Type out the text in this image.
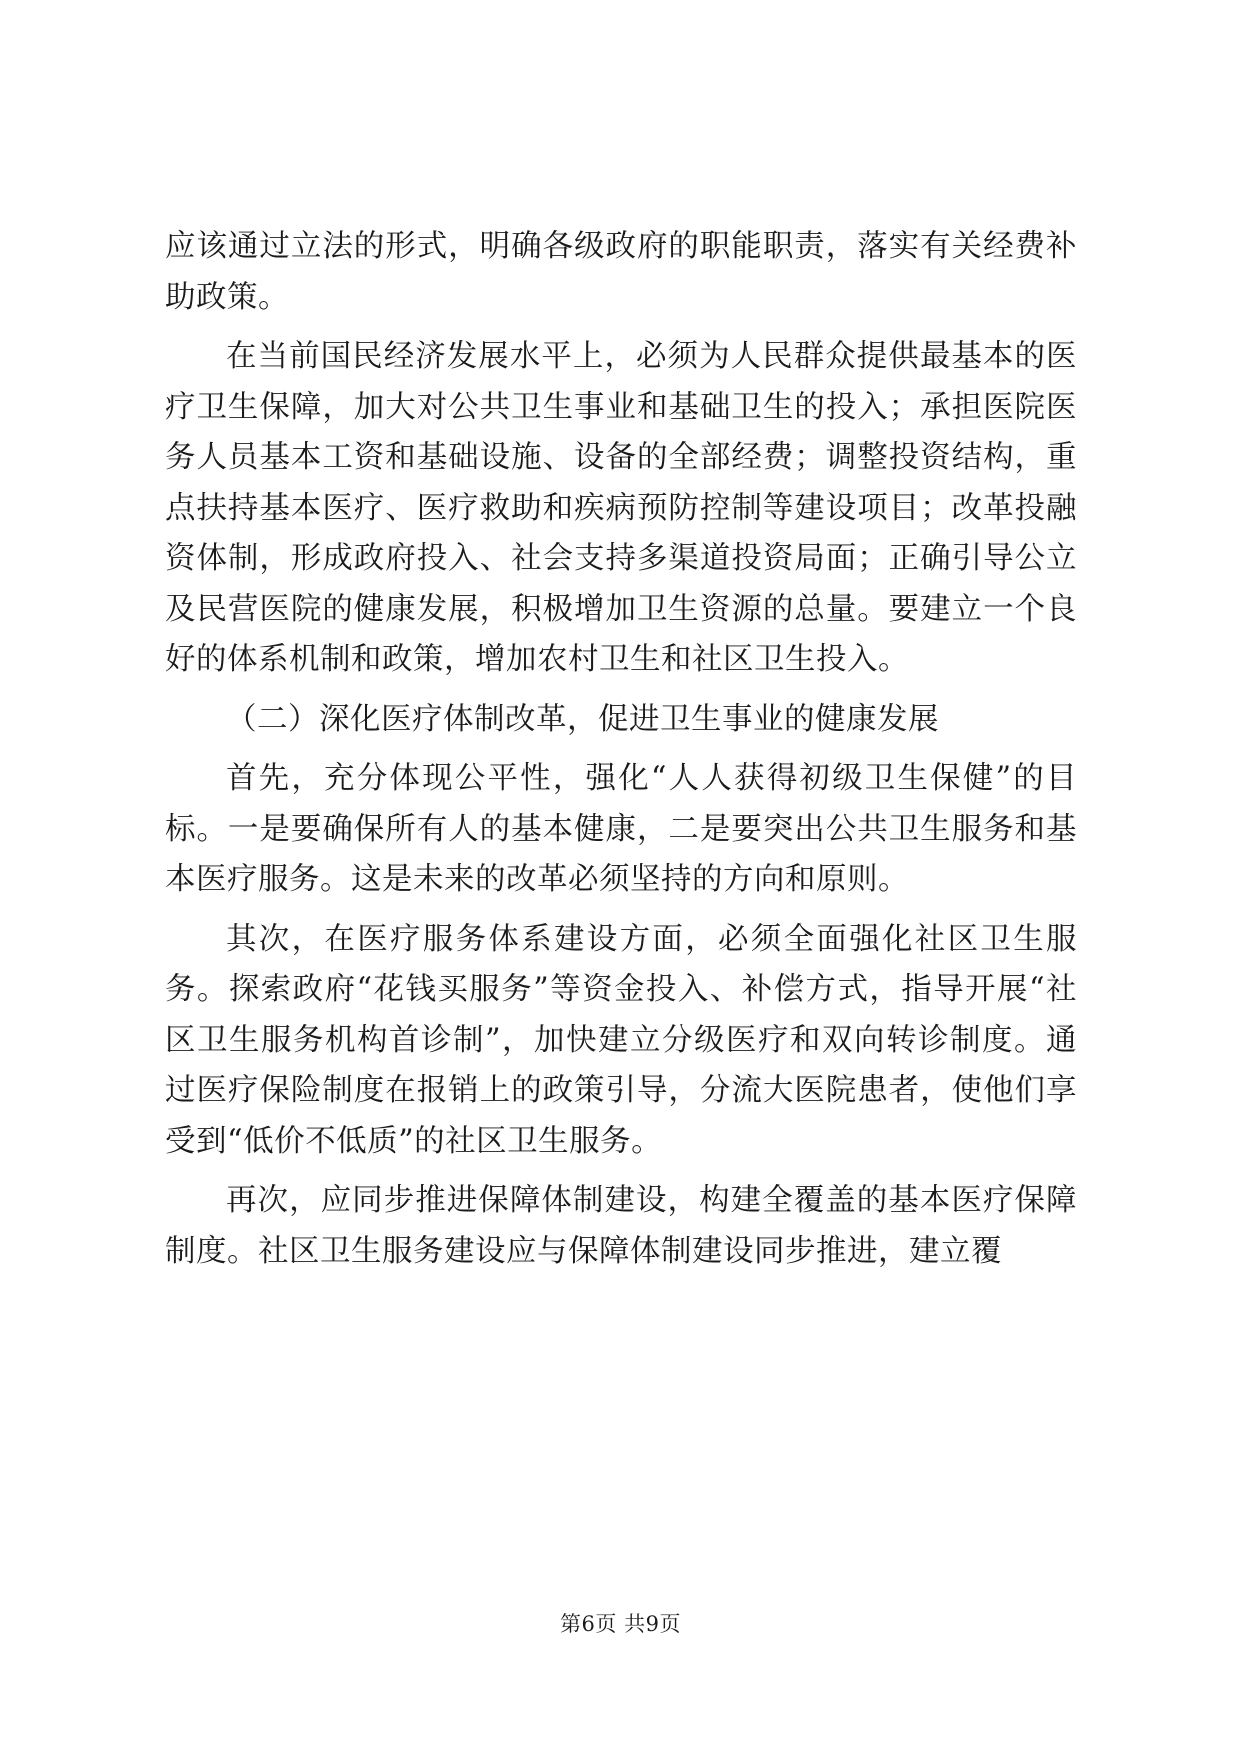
应该通过立法的形式，明确各级政府的职能职责，落实有关经费补助政策。

在当前国民经济发展水平上，必须为人民群众提供最基本的医疗卫生保障，加大对公共卫生事业和基础卫生的投入；承担医院医务人员基本工资和基础设施、设备的全部经费；调整投资结构，重点扶持基本医疗、医疗救助和疾病预防控制等建设项目；改革投融资体制，形成政府投入、社会支持多渠道投资局面；正确引导公立及民营医院的健康发展，积极增加卫生资源的总量。要建立一个良好的体系机制和政策，增加农村卫生和社区卫生投入。

（二）深化医疗体制改革，促进卫生事业的健康发展

首先，充分体现公平性，强化“人人获得初级卫生保健”的目标。一是要确保所有人的基本健康，二是要突出公共卫生服务和基本医疗服务。这是未来的改革必须坚持的方向和原则。

其次，在医疗服务体系建设方面，必须全面强化社区卫生服务。探索政府“花钱买服务”等资金投入、补偿方式，指导开展“社区卫生服务机构首诊制”，加快建立分级医疗和双向转诊制度。通过医疗保险制度在报销上的政策引导，分流大医院患者，使他们享受到“低价不低质”的社区卫生服务。

再次，应同步推进保障体制建设，构建全覆盖的基本医疗保障制度。社区卫生服务建设应与保障体制建设同步推进，建立覆

第6页 共9页
